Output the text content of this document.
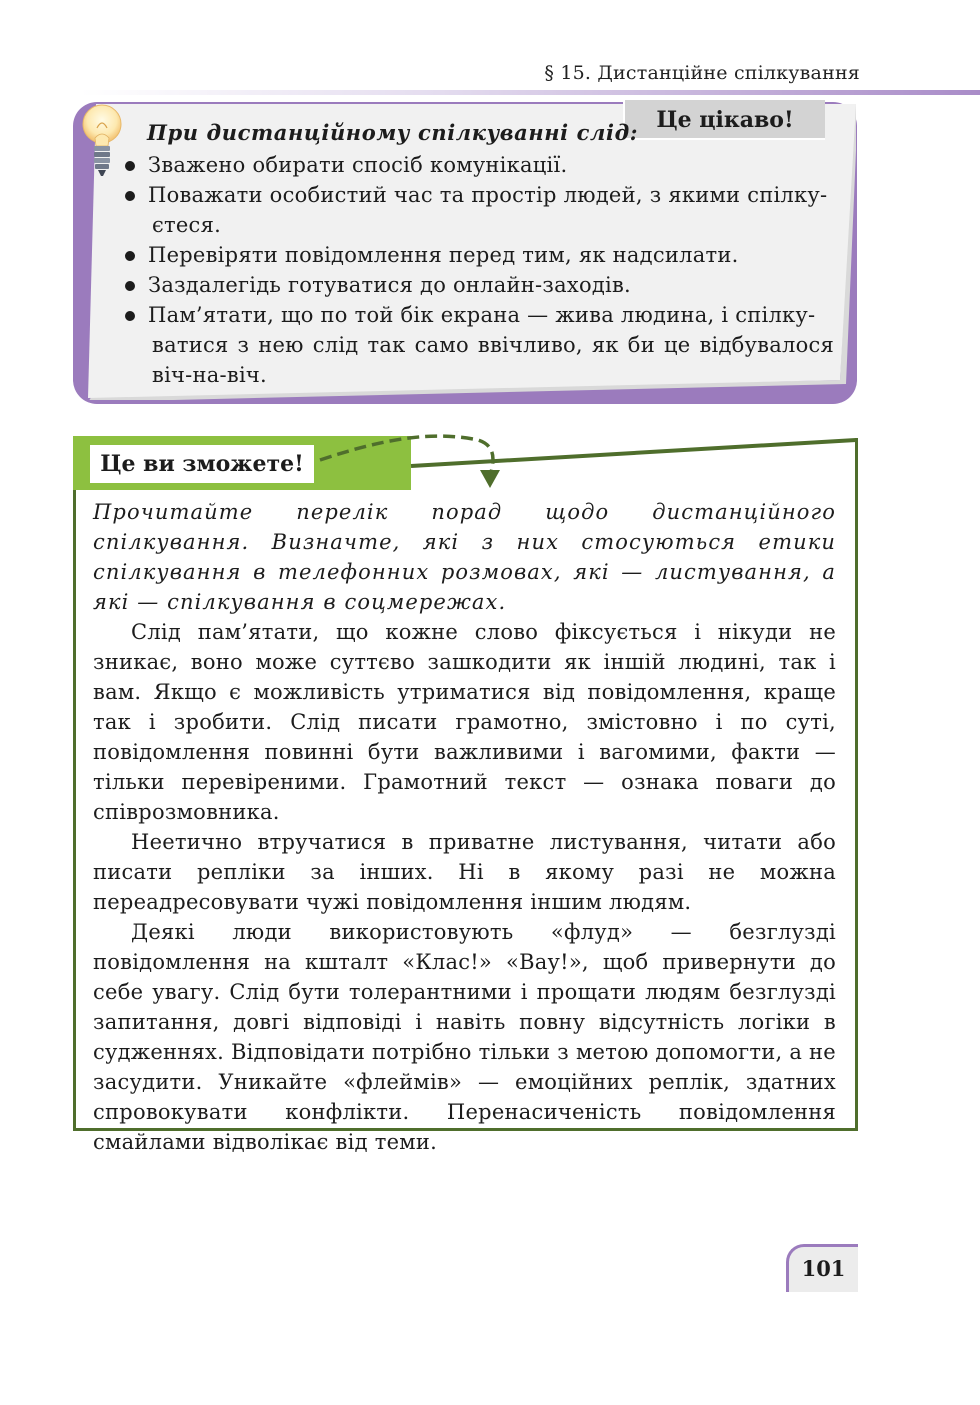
§ 15. Дистанційне спілкування
Це цікаво!
При дистанційному спілкуванні слід:
Зважено обирати спосіб комунікації.
Поважати особистий час та простір людей, з якими спілку-
єтеся.
Перевіряти повідомлення перед тим, як надсилати.
Заздалегідь готуватися до онлайн-заходів.
Пам’ятати, що по той бік екрана — жива людина, і спілку-
ватися з нею слід так само ввічливо, як би це відбувалося віч-на-віч.
Це ви зможете!

Прочитайте перелік порад щодо дистанційного спілкування. Визначте, які з них стосуються етики спілкування в телефонних розмовах, які — листування, а які — спілкування в соцмережах.

Слід пам’ятати, що кожне слово фіксується і нікуди не зникає, воно може суттєво зашкодити як іншій людині, так і вам. Якщо є можливість утриматися від повідомлення, краще так і зробити. Слід писати грамотно, змістовно і по суті, повідомлення повинні бути важливими і вагомими, факти — тільки перевіреними. Грамотний текст — ознака поваги до співрозмовника.

Неетично втручатися в приватне листування, читати або писати репліки за інших. Ні в якому разі не можна переадресовувати чужі повідомлення іншим людям.

Деякі люди використовують «флуд» — безглузді повідомлення на кшталт «Клас!» «Вау!», щоб привернути до себе увагу. Слід бути толерантними і прощати людям безглузді запитання, довгі відповіді і навіть повну відсутність логіки в судженнях. Відповідати потрібно тільки з метою допомогти, а не засудити. Уникайте «флеймів» — емоційних реплік, здатних спровокувати конфлікти. Перенасиченість повідомлення смайлами відволікає від теми.

101
